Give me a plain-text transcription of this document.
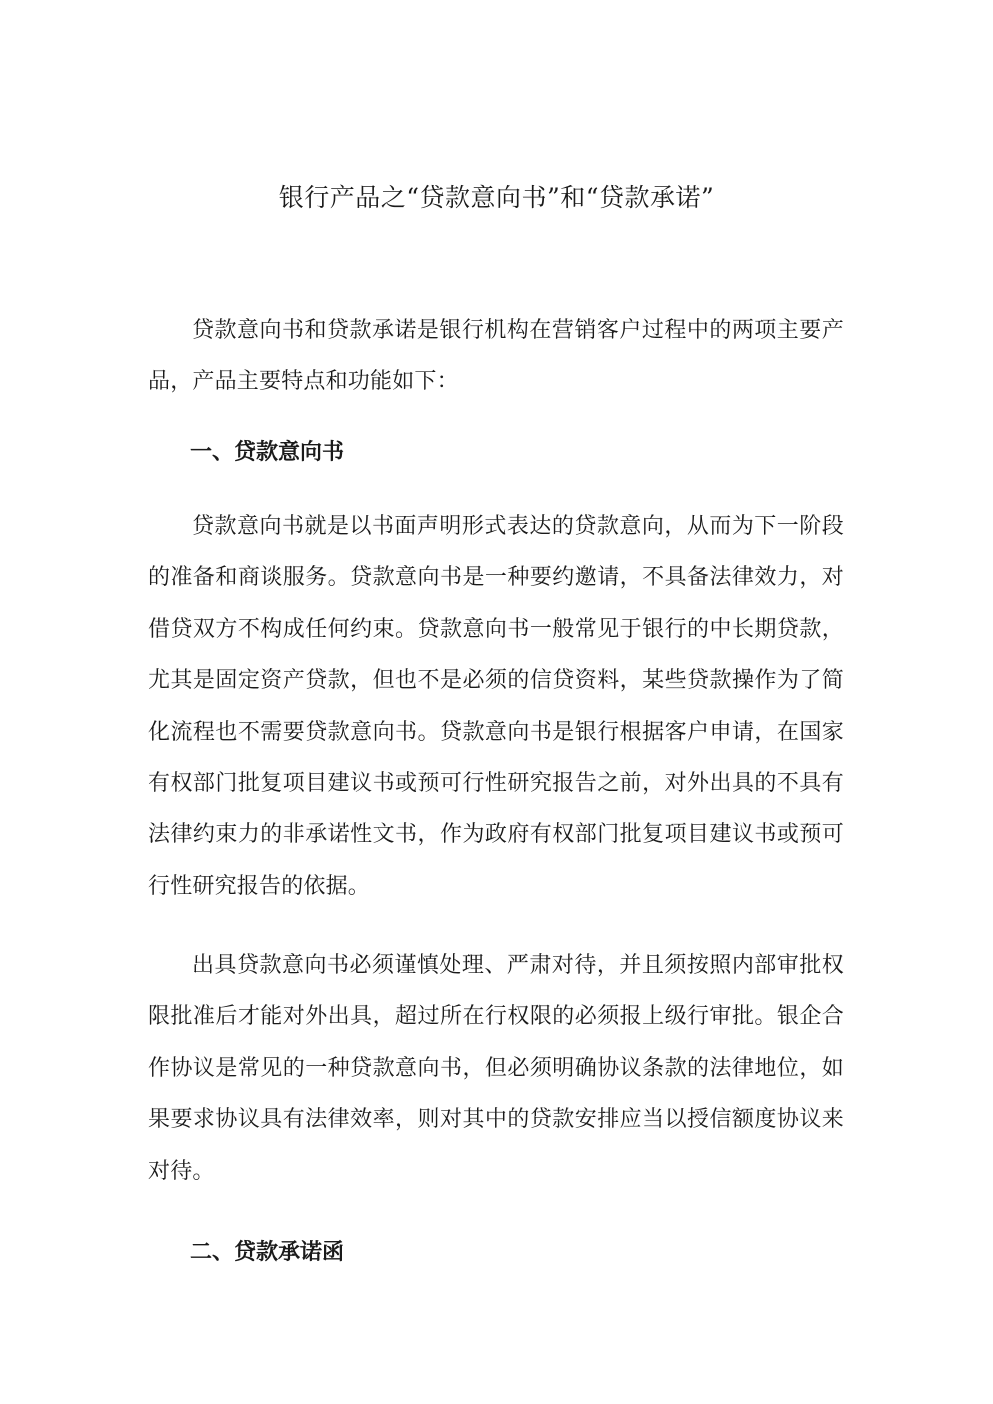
银行产品之“贷款意向书”和“贷款承诺”

贷款意向书和贷款承诺是银行机构在营销客户过程中的两项主要产品，产品主要特点和功能如下：

一、贷款意向书

贷款意向书就是以书面声明形式表达的贷款意向，从而为下一阶段的准备和商谈服务。贷款意向书是一种要约邀请，不具备法律效力，对借贷双方不构成任何约束。贷款意向书一般常见于银行的中长期贷款，尤其是固定资产贷款，但也不是必须的信贷资料，某些贷款操作为了简化流程也不需要贷款意向书。贷款意向书是银行根据客户申请，在国家有权部门批复项目建议书或预可行性研究报告之前，对外出具的不具有法律约束力的非承诺性文书，作为政府有权部门批复项目建议书或预可行性研究报告的依据。

出具贷款意向书必须谨慎处理、严肃对待，并且须按照内部审批权限批准后才能对外出具，超过所在行权限的必须报上级行审批。银企合作协议是常见的一种贷款意向书，但必须明确协议条款的法律地位，如果要求协议具有法律效率，则对其中的贷款安排应当以授信额度协议来对待。

二、贷款承诺函
